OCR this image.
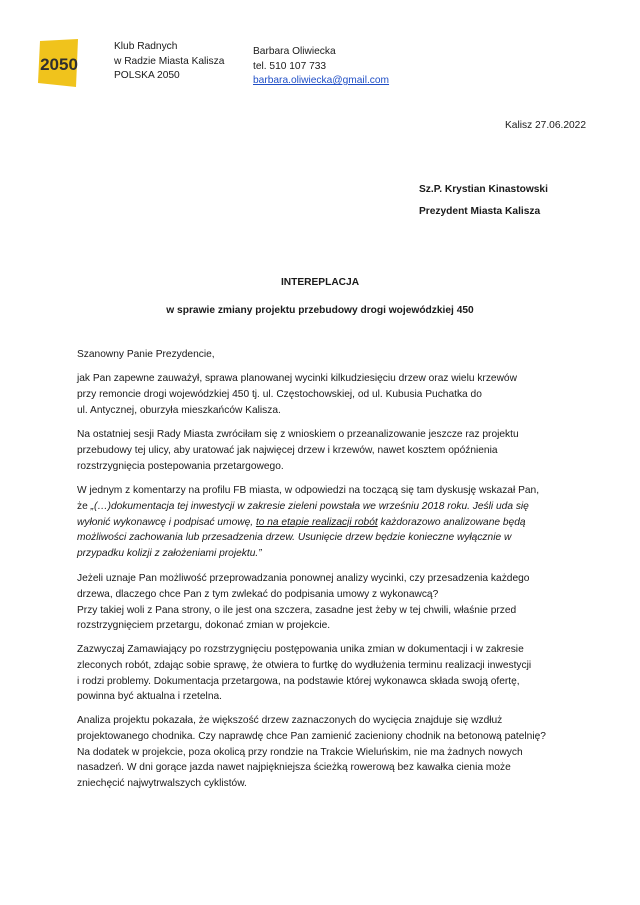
2050
Klub Radnych
w Radzie Miasta Kalisza
POLSKA 2050
Barbara Oliwiecka
tel. 510 107 733
barbara.oliwiecka@gmail.com
Kalisz 27.06.2022
Sz.P. Krystian Kinastowski
Prezydent Miasta Kalisza
INTEREPLACJA
w sprawie zmiany projektu przebudowy drogi wojewódzkiej 450

Szanowny Panie Prezydencie,

jak Pan zapewne zauważył, sprawa planowanej wycinki kilkudziesięciu drzew oraz wielu krzewów
przy remoncie drogi wojewódzkiej 450 tj. ul. Częstochowskiej, od ul. Kubusia Puchatka do
ul. Antycznej, oburzyła mieszkańców Kalisza.

Na ostatniej sesji Rady Miasta zwróciłam się z wnioskiem o przeanalizowanie jeszcze raz projektu
przebudowy tej ulicy, aby uratować jak najwięcej drzew i krzewów, nawet kosztem opóźnienia
rozstrzygnięcia postepowania przetargowego.

W jednym z komentarzy na profilu FB miasta, w odpowiedzi na toczącą się tam dyskusję wskazał Pan,
że „(…)dokumentacja tej inwestycji w zakresie zieleni powstała we wrześniu 2018 roku. Jeśli uda się
wyłonić wykonawcę i podpisać umowę, to na etapie realizacji robót każdorazowo analizowane będą
możliwości zachowania lub przesadzenia drzew. Usunięcie drzew będzie konieczne wyłącznie w
przypadku kolizji z założeniami projektu.”

Jeżeli uznaje Pan możliwość przeprowadzania ponownej analizy wycinki, czy przesadzenia każdego
drzewa, dlaczego chce Pan z tym zwlekać do podpisania umowy z wykonawcą?
Przy takiej woli z Pana strony, o ile jest ona szczera, zasadne jest żeby w tej chwili, właśnie przed
rozstrzygnięciem przetargu, dokonać zmian w projekcie.

Zazwyczaj Zamawiający po rozstrzygnięciu postępowania unika zmian w dokumentacji i w zakresie
zleconych robót, zdając sobie sprawę, że otwiera to furtkę do wydłużenia terminu realizacji inwestycji
i rodzi problemy. Dokumentacja przetargowa, na podstawie której wykonawca składa swoją ofertę,
powinna być aktualna i rzetelna.

Analiza projektu pokazała, że większość drzew zaznaczonych do wycięcia znajduje się wzdłuż
projektowanego chodnika. Czy naprawdę chce Pan zamienić zacieniony chodnik na betonową patelnię?
Na dodatek w projekcie, poza okolicą przy rondzie na Trakcie Wieluńskim, nie ma żadnych nowych
nasadzeń. W dni gorące jazda nawet najpiękniejsza ścieżką rowerową bez kawałka cienia może
zniechęcić najwytrwalszych cyklistów.
